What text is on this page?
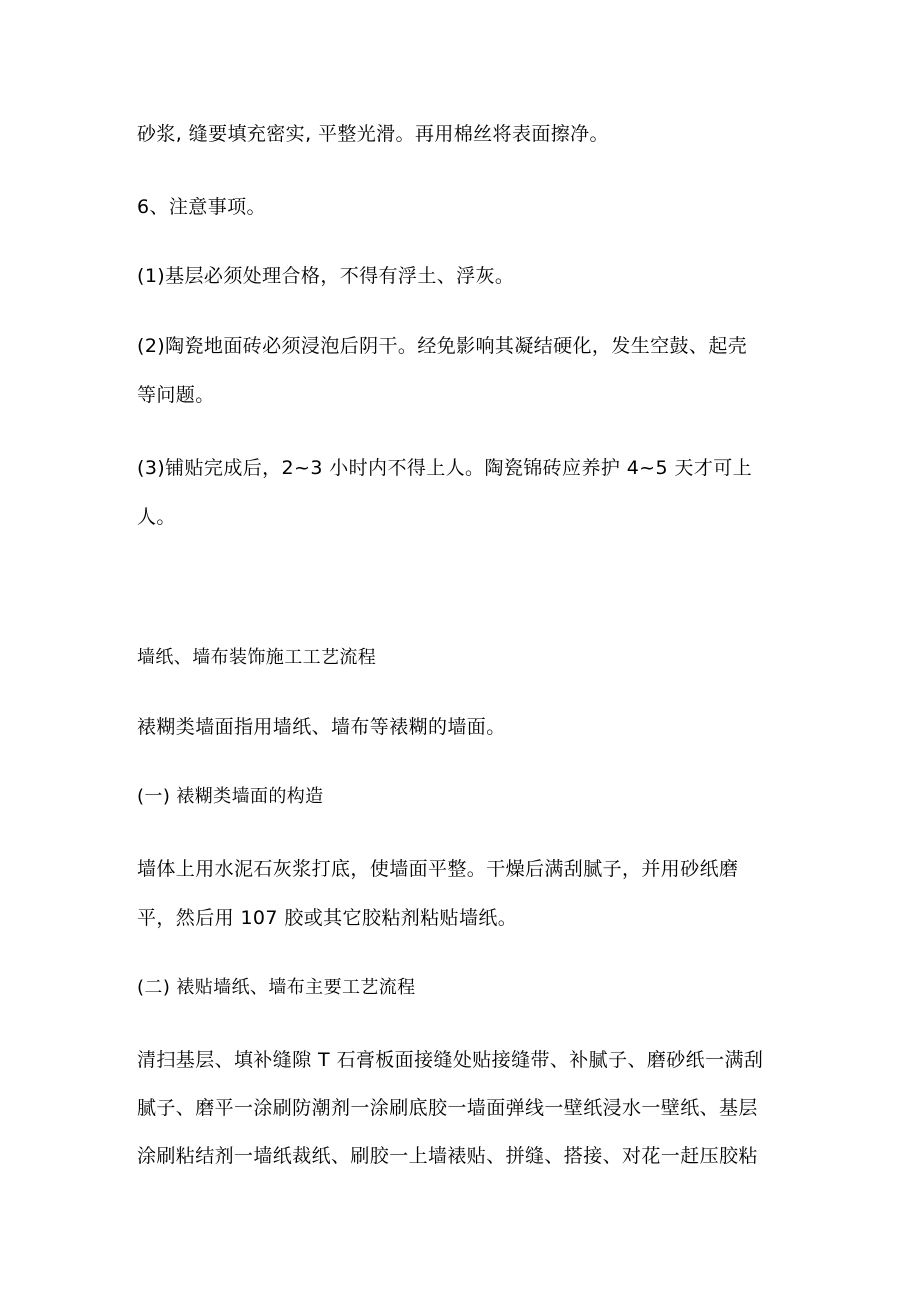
砂浆, 缝要填充密实, 平整光滑。再用棉丝将表面擦净。
6、注意事项。
(1)基层必须处理合格，不得有浮土、浮灰。
(2)陶瓷地面砖必须浸泡后阴干。经免影响其凝结硬化，发生空鼓、起壳
等问题。
(3)铺贴完成后，2~3 小时内不得上人。陶瓷锦砖应养护 4~5 天才可上
人。
墙纸、墙布装饰施工工艺流程
裱糊类墙面指用墙纸、墙布等裱糊的墙面。
(一) 裱糊类墙面的构造
墙体上用水泥石灰浆打底，使墙面平整。干燥后满刮腻子，并用砂纸磨
平，然后用 107 胶或其它胶粘剂粘贴墙纸。
(二) 裱贴墙纸、墙布主要工艺流程
清扫基层、填补缝隙 T 石膏板面接缝处贴接缝带、补腻子、磨砂纸一满刮
腻子、磨平一涂刷防潮剂一涂刷底胶一墙面弹线一壁纸浸水一壁纸、基层
涂刷粘结剂一墙纸裁纸、刷胶一上墙裱贴、拼缝、搭接、对花一赶压胶粘
